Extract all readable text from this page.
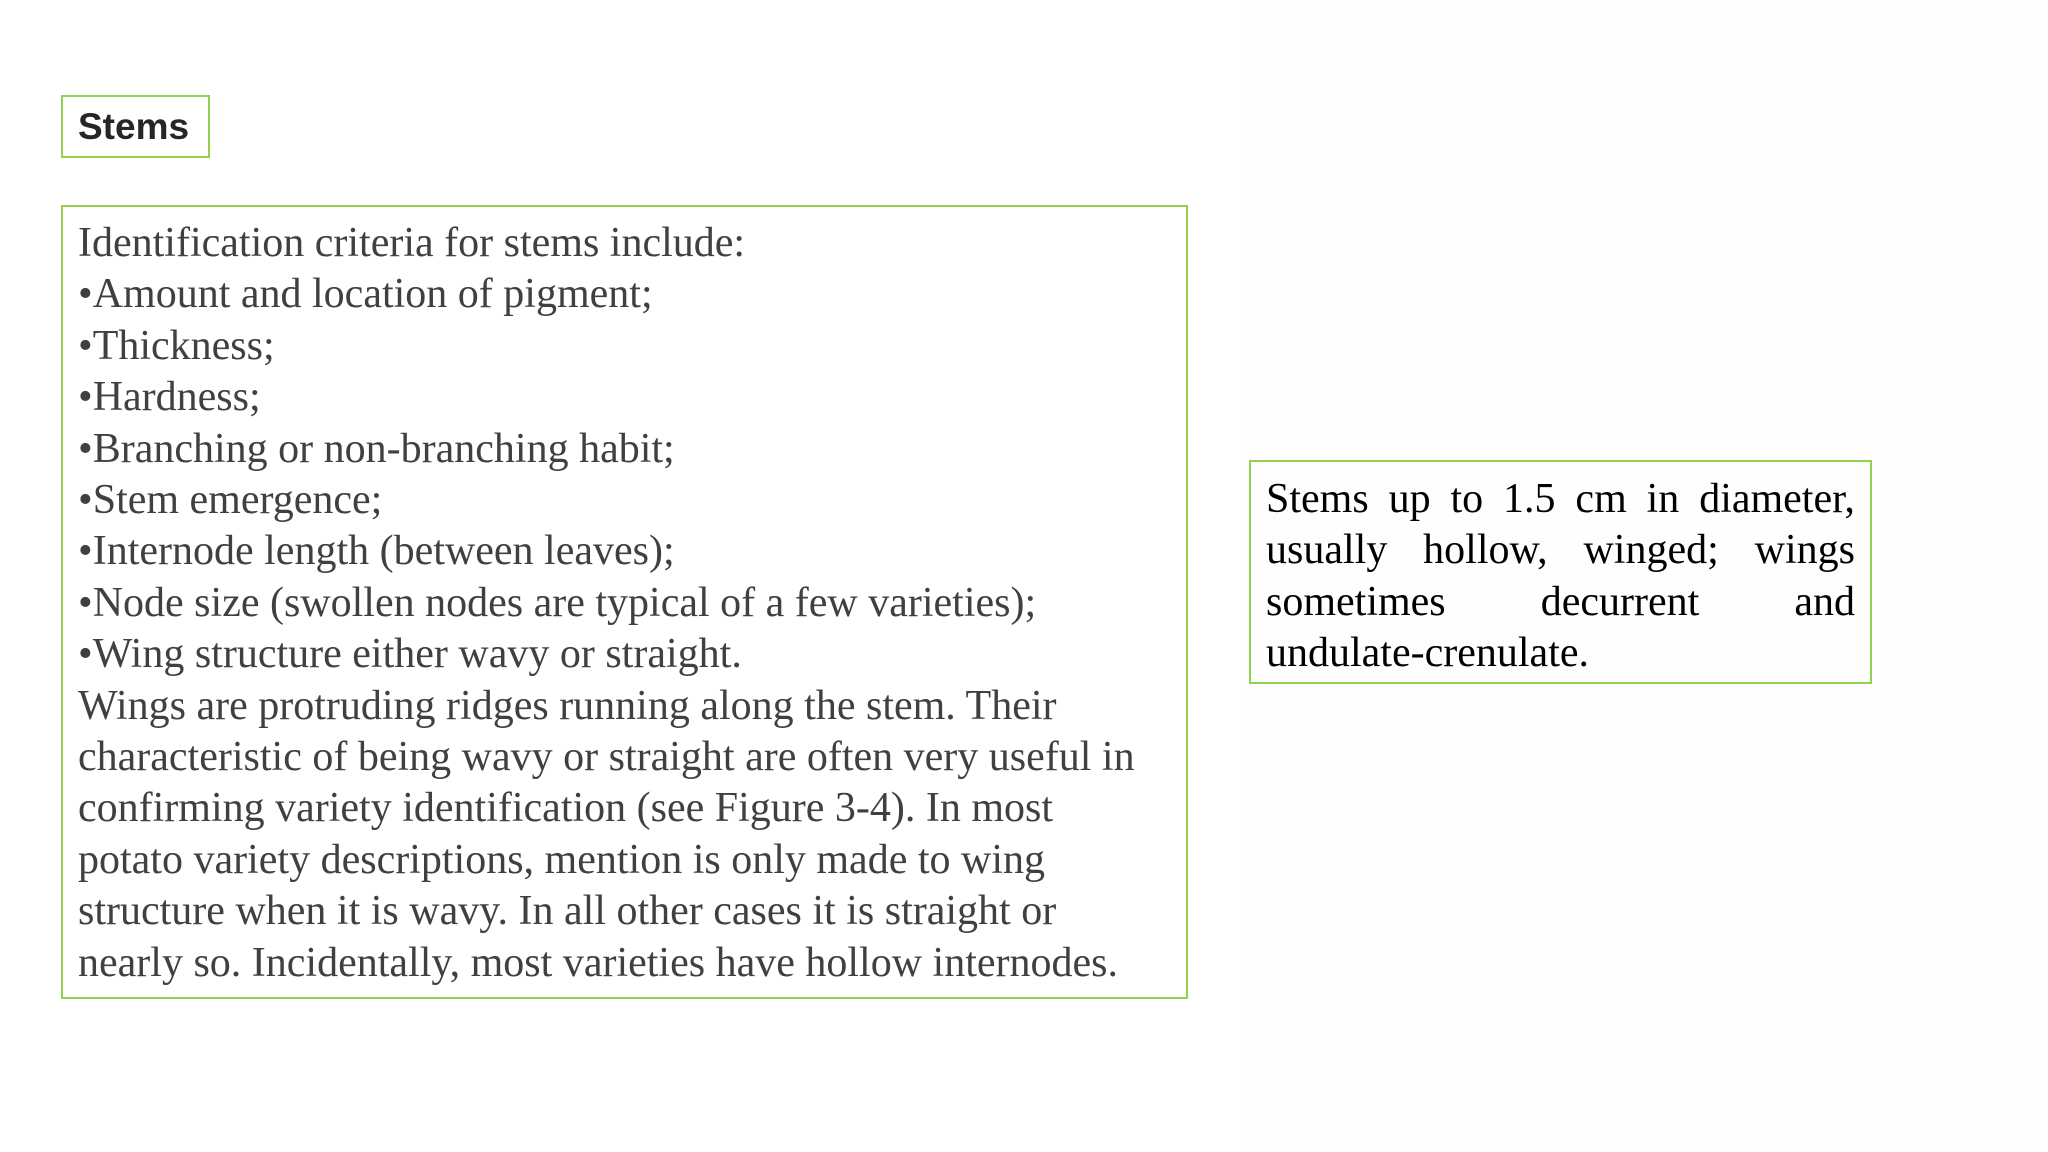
Stems
Identification criteria for stems include:
•Amount and location of pigment;
•Thickness;
•Hardness;
•Branching or non-branching habit;
•Stem emergence;
•Internode length (between leaves);
•Node size (swollen nodes are typical of a few varieties);
•Wing structure either wavy or straight.
Wings are protruding ridges running along the stem. Their
characteristic of being wavy or straight are often very useful in
confirming variety identification (see Figure 3-4). In most
potato variety descriptions, mention is only made to wing
structure when it is wavy. In all other cases it is straight or
nearly so. Incidentally, most varieties have hollow internodes.
Stems up to 1.5 cm in diameter,
usually hollow, winged; wings
sometimes decurrent and
undulate-crenulate.
